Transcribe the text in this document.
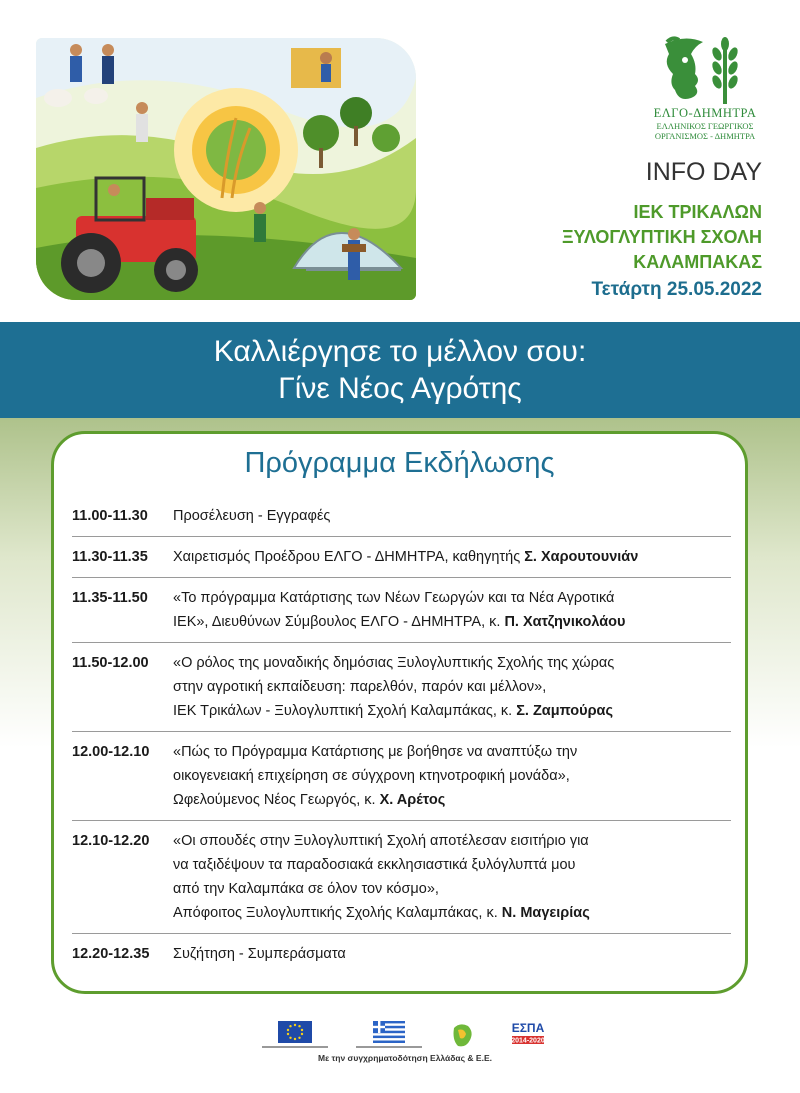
ΕΛΓΟ-ΔΗΜΗΤΡΑ
ΕΛΛΗΝΙΚΟΣ ΓΕΩΡΓΙΚΟΣ
ΟΡΓΑΝΙΣΜΟΣ - ΔΗΜΗΤΡΑ
INFO DAY
ΙΕΚ ΤΡΙΚΑΛΩΝ
ΞΥΛΟΓΛΥΠΤΙΚΗ ΣΧΟΛΗ
ΚΑΛΑΜΠΑΚΑΣ
Τετάρτη 25.05.2022
Καλλιέργησε το μέλλον σου:
Γίνε Νέος Αγρότης
Πρόγραμμα Εκδήλωσης
11.00-11.30	Προσέλευση - Εγγραφές
11.30-11.35	Χαιρετισμός Προέδρου ΕΛΓΟ - ΔΗΜΗΤΡΑ, καθηγητής Σ. Χαρουτουνιάν
11.35-11.50	«Το πρόγραμμα Κατάρτισης των Νέων Γεωργών και τα Νέα Αγροτικά
ΙΕΚ», Διευθύνων Σύμβουλος ΕΛΓΟ - ΔΗΜΗΤΡΑ, κ. Π. Χατζηνικολάου
11.50-12.00	«Ο ρόλος της μοναδικής δημόσιας Ξυλογλυπτικής Σχολής της χώρας
στην αγροτική εκπαίδευση: παρελθόν, παρόν και μέλλον»,
ΙΕΚ Τρικάλων - Ξυλογλυπτική Σχολή Καλαμπάκας, κ. Σ. Ζαμπούρας
12.00-12.10	«Πώς το Πρόγραμμα Κατάρτισης με βοήθησε να αναπτύξω την
οικογενειακή επιχείρηση σε σύγχρονη κτηνοτροφική μονάδα»,
Ωφελούμενος Νέος Γεωργός, κ. Χ. Αρέτος
12.10-12.20	«Οι σπουδές στην Ξυλογλυπτική Σχολή αποτέλεσαν εισιτήριο για
να ταξιδέψουν τα παραδοσιακά εκκλησιαστικά ξυλόγλυπτά μου
από την Καλαμπάκα σε όλον τον κόσμο»,
Απόφοιτος Ξυλογλυπτικής Σχολής Καλαμπάκας, κ. Ν. Μαγειρίας
12.20-12.35	Συζήτηση - Συμπεράσματα
ΕΣΠΑ
2014-2020
Με την συγχρηματοδότηση Ελλάδας & Ε.Ε.
